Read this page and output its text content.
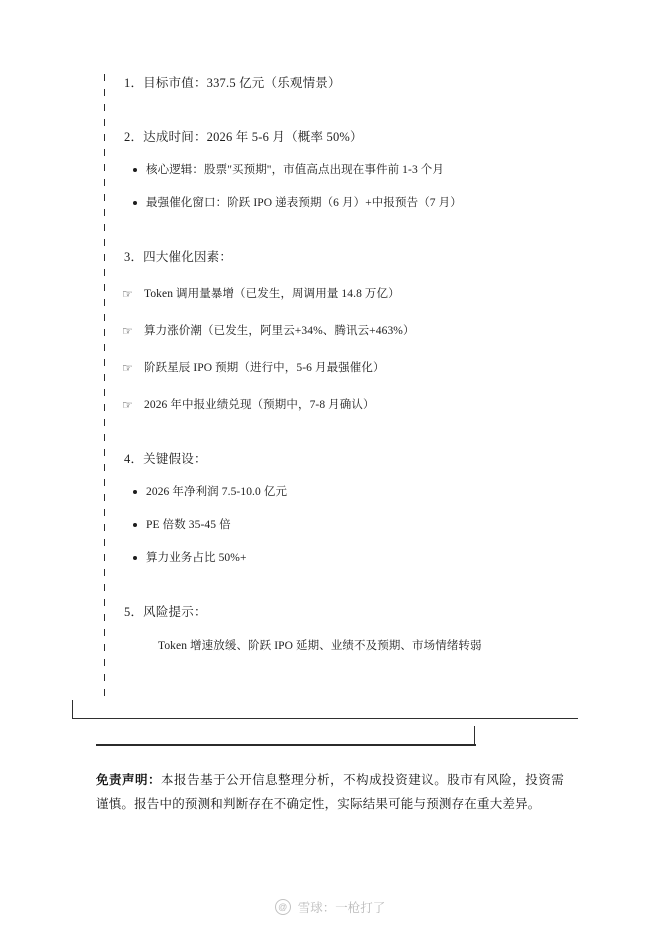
1．目标市值：337.5 亿元（乐观情景）
2．达成时间：2026 年 5-6 月（概率 50%）
核心逻辑：股票"买预期"，市值高点出现在事件前 1-3 个月
最强催化窗口：阶跃 IPO 递表预期（6 月）+中报预告（7 月）
3．四大催化因素：
☞ Token 调用量暴增（已发生，周调用量 14.8 万亿）
☞ 算力涨价潮（已发生，阿里云+34%、腾讯云+463%）
☞ 阶跃星辰 IPO 预期（进行中，5-6 月最强催化）
☞ 2026 年中报业绩兑现（预期中，7-8 月确认）
4．关键假设：
2026 年净利润 7.5-10.0 亿元
PE 倍数 35-45 倍
算力业务占比 50%+
5．风险提示：
Token 增速放缓、阶跃 IPO 延期、业绩不及预期、市场情绪转弱
免责声明：本报告基于公开信息整理分析，不构成投资建议。股市有风险，投资需谨慎。报告中的预测和判断存在不确定性，实际结果可能与预测存在重大差异。
@ 雪球：一枪打了
